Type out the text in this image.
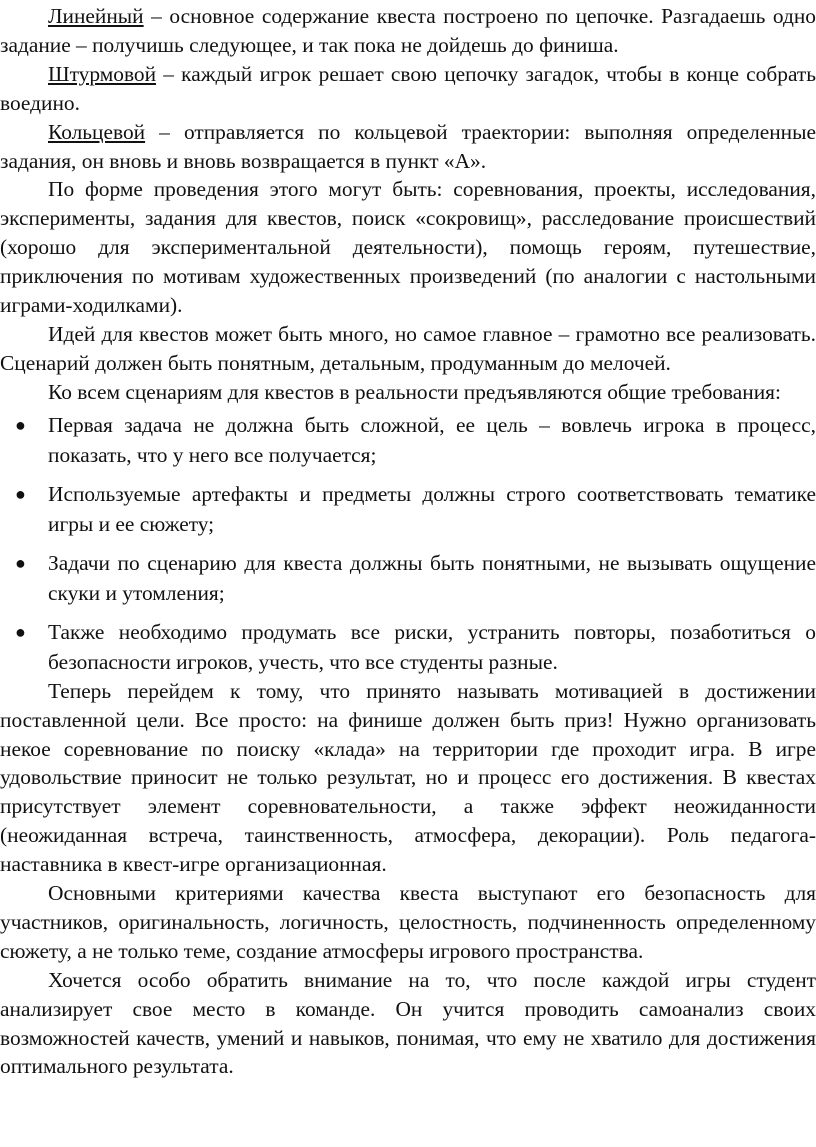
Линейный – основное содержание квеста построено по цепочке. Разгадаешь одно задание – получишь следующее, и так пока не дойдешь до финиша.

Штурмовой – каждый игрок решает свою цепочку загадок, чтобы в конце собрать воедино.

Кольцевой – отправляется по кольцевой траектории: выполняя определенные задания, он вновь и вновь возвращается в пункт «А».

По форме проведения этого могут быть: соревнования, проекты, исследования, эксперименты, задания для квестов, поиск «сокровищ», расследование происшествий (хорошо для экспериментальной деятельности), помощь героям, путешествие, приключения по мотивам художественных произведений (по аналогии с настольными играми-ходилками).

Идей для квестов может быть много, но самое главное – грамотно все реализовать. Сценарий должен быть понятным, детальным, продуманным до мелочей.

Ко всем сценариям для квестов в реальности предъявляются общие требования:

● Первая задача не должна быть сложной, ее цель – вовлечь игрока в процесс, показать, что у него все получается;
● Используемые артефакты и предметы должны строго соответствовать тематике игры и ее сюжету;
● Задачи по сценарию для квеста должны быть понятными, не вызывать ощущение скуки и утомления;
● Также необходимо продумать все риски, устранить повторы, позаботиться о безопасности игроков, учесть, что все студенты разные.

Теперь перейдем к тому, что принято называть мотивацией в достижении поставленной цели. Все просто: на финише должен быть приз! Нужно организовать некое соревнование по поиску «клада» на территории где проходит игра. В игре удовольствие приносит не только результат, но и процесс его достижения. В квестах присутствует элемент соревновательности, а также эффект неожиданности (неожиданная встреча, таинственность, атмосфера, декорации). Роль педагога-наставника в квест-игре организационная.

Основными критериями качества квеста выступают его безопасность для участников, оригинальность, логичность, целостность, подчиненность определенному сюжету, а не только теме, создание атмосферы игрового пространства.

Хочется особо обратить внимание на то, что после каждой игры студент анализирует свое место в команде. Он учится проводить самоанализ своих возможностей качеств, умений и навыков, понимая, что ему не хватило для достижения оптимального результата.
